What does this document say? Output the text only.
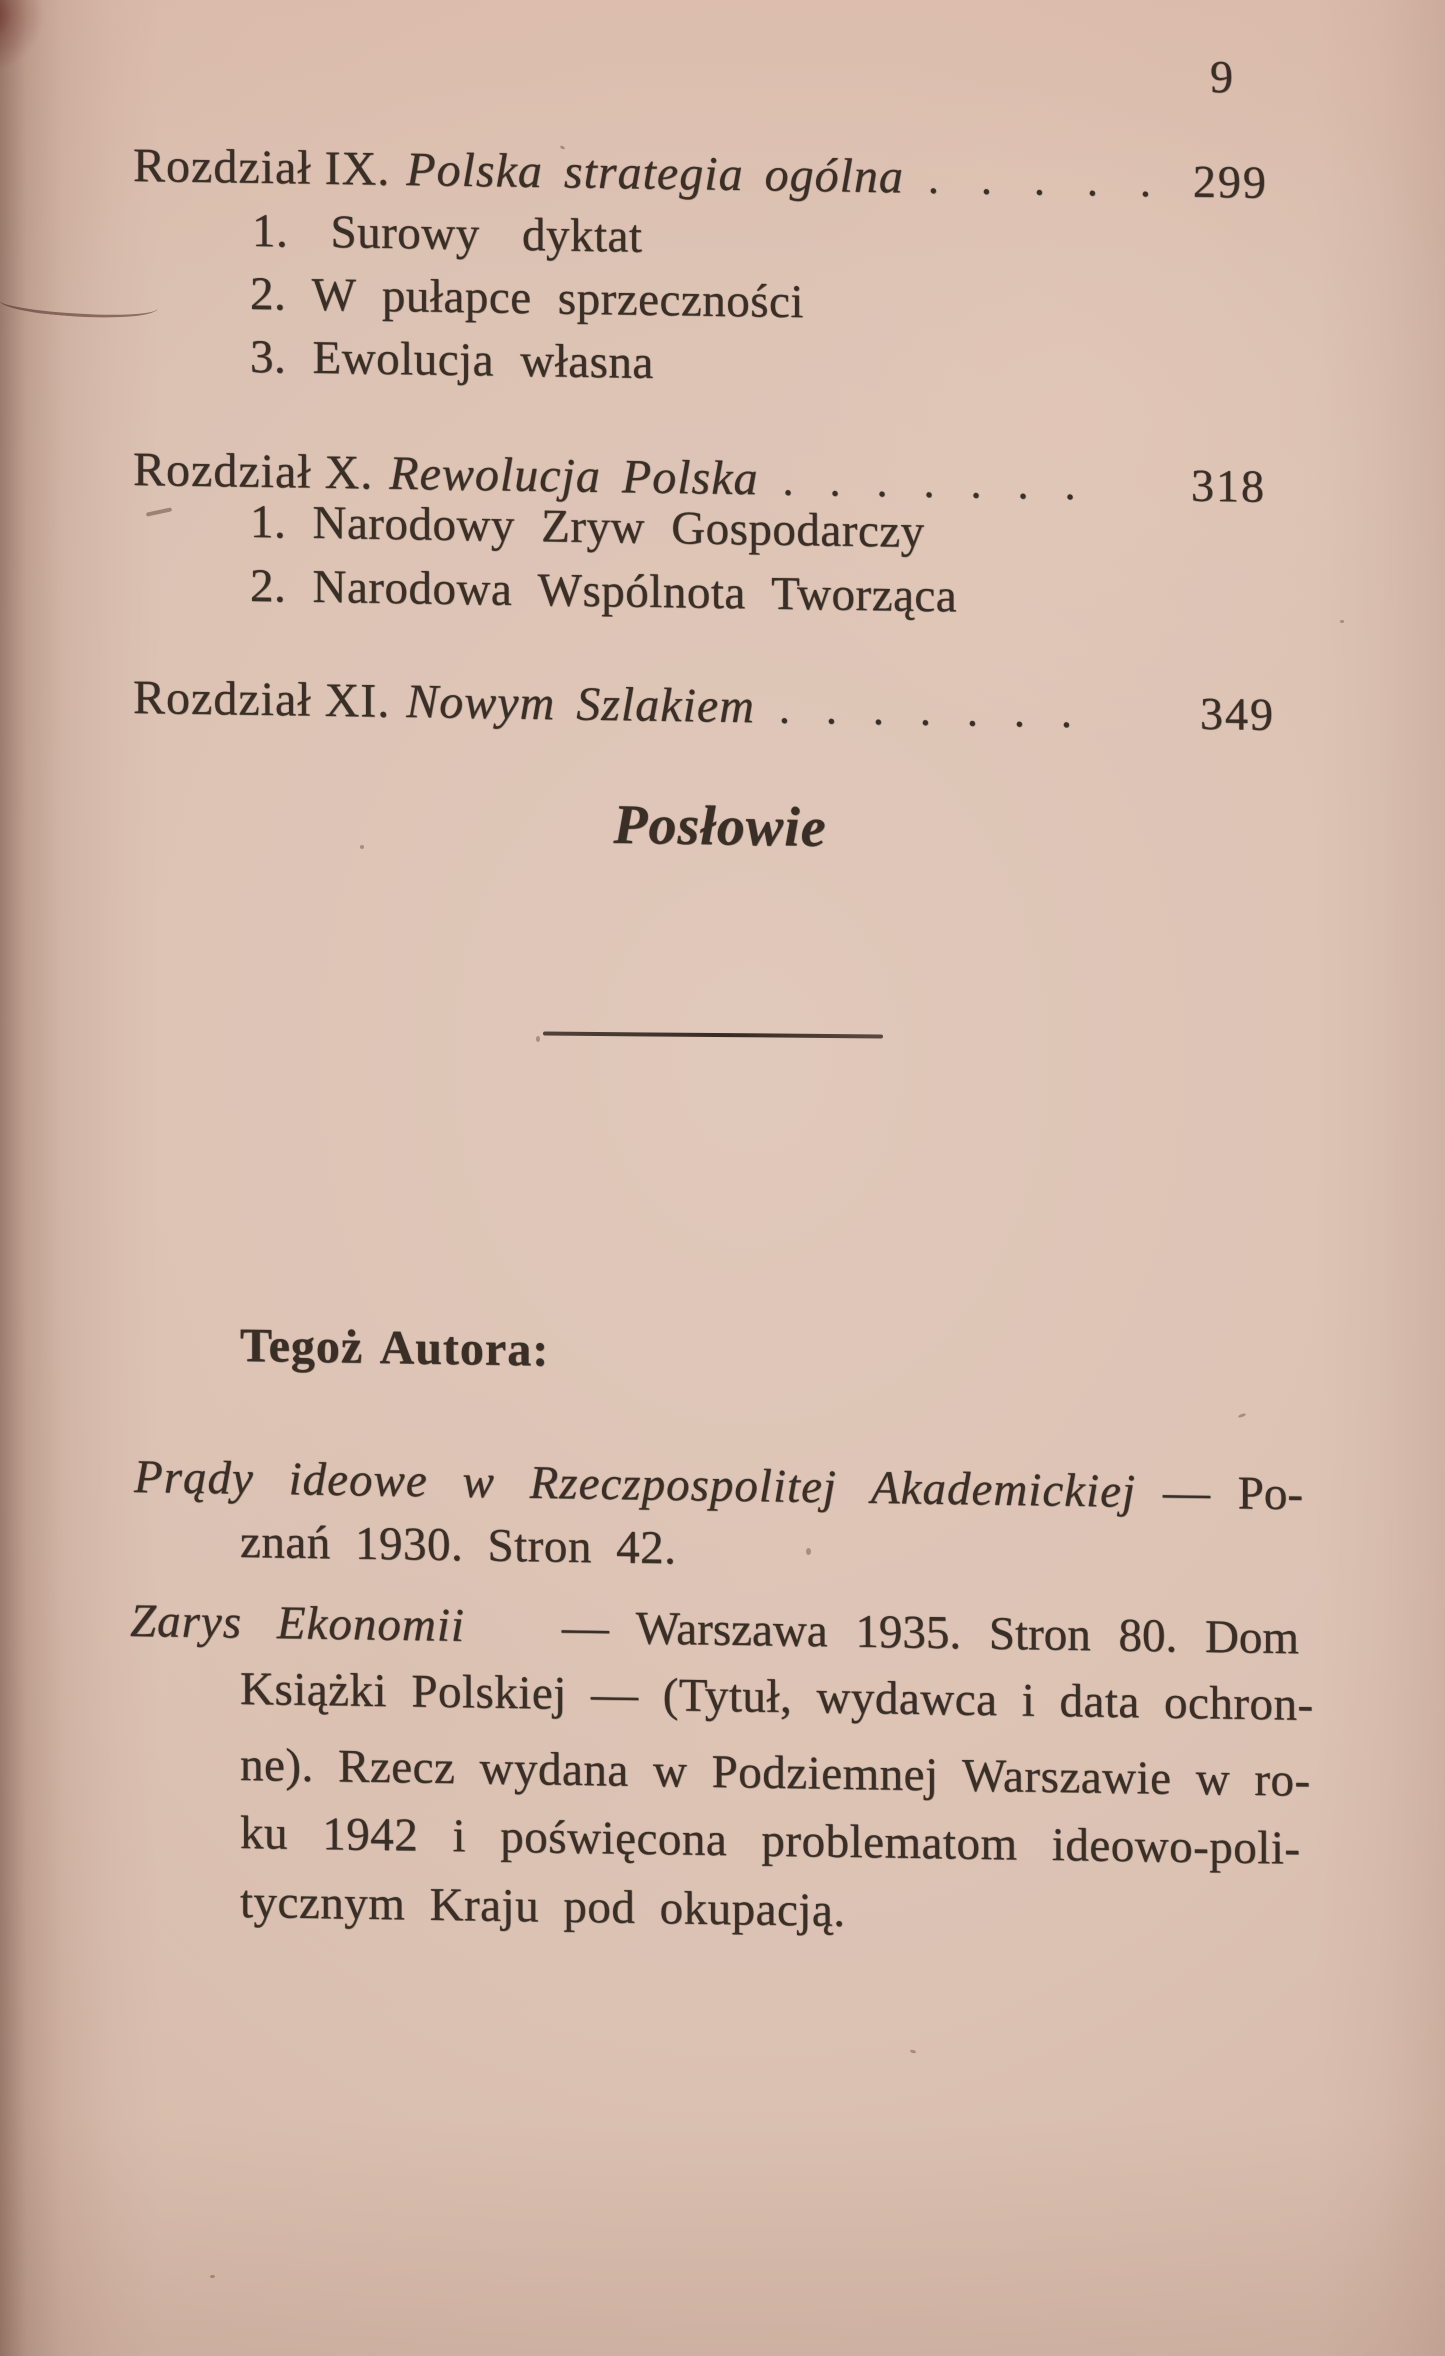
9
Rozdział IX. Polska strategia ogólna ..... 299
1. Surowy dyktat
2. W pułapce sprzeczności
3. Ewolucja własna
Rozdział X. Rewolucja Polska ....... 318
1. Narodowy Zryw Gospodarczy
2. Narodowa Wspólnota Tworząca
Rozdział XI. Nowym Szlakiem ....... 349
Posłowie
Tegoż Autora:
Prądy ideowe w Rzeczpospolitej Akademickiej — Po-
znań 1930. Stron 42.
Zarys Ekonomii — Warszawa 1935. Stron 80. Dom
Książki Polskiej — (Tytuł, wydawca i data ochron-
ne). Rzecz wydana w Podziemnej Warszawie w ro-
ku 1942 i poświęcona problematom ideowo-poli-
tycznym Kraju pod okupacją.
